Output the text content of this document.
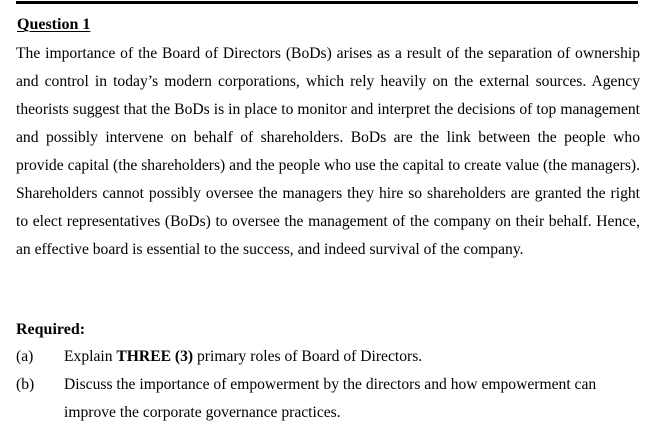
Question 1

The importance of the Board of Directors (BoDs) arises as a result of the separation of ownership and control in today’s modern corporations, which rely heavily on the external sources. Agency theorists suggest that the BoDs is in place to monitor and interpret the decisions of top management and possibly intervene on behalf of shareholders. BoDs are the link between the people who provide capital (the shareholders) and the people who use the capital to create value (the managers). Shareholders cannot possibly oversee the managers they hire so shareholders are granted the right to elect representatives (BoDs) to oversee the management of the company on their behalf. Hence, an effective board is essential to the success, and indeed survival of the company.

Required:
(a) Explain THREE (3) primary roles of Board of Directors.
(b) Discuss the importance of empowerment by the directors and how empowerment can improve the corporate governance practices.
